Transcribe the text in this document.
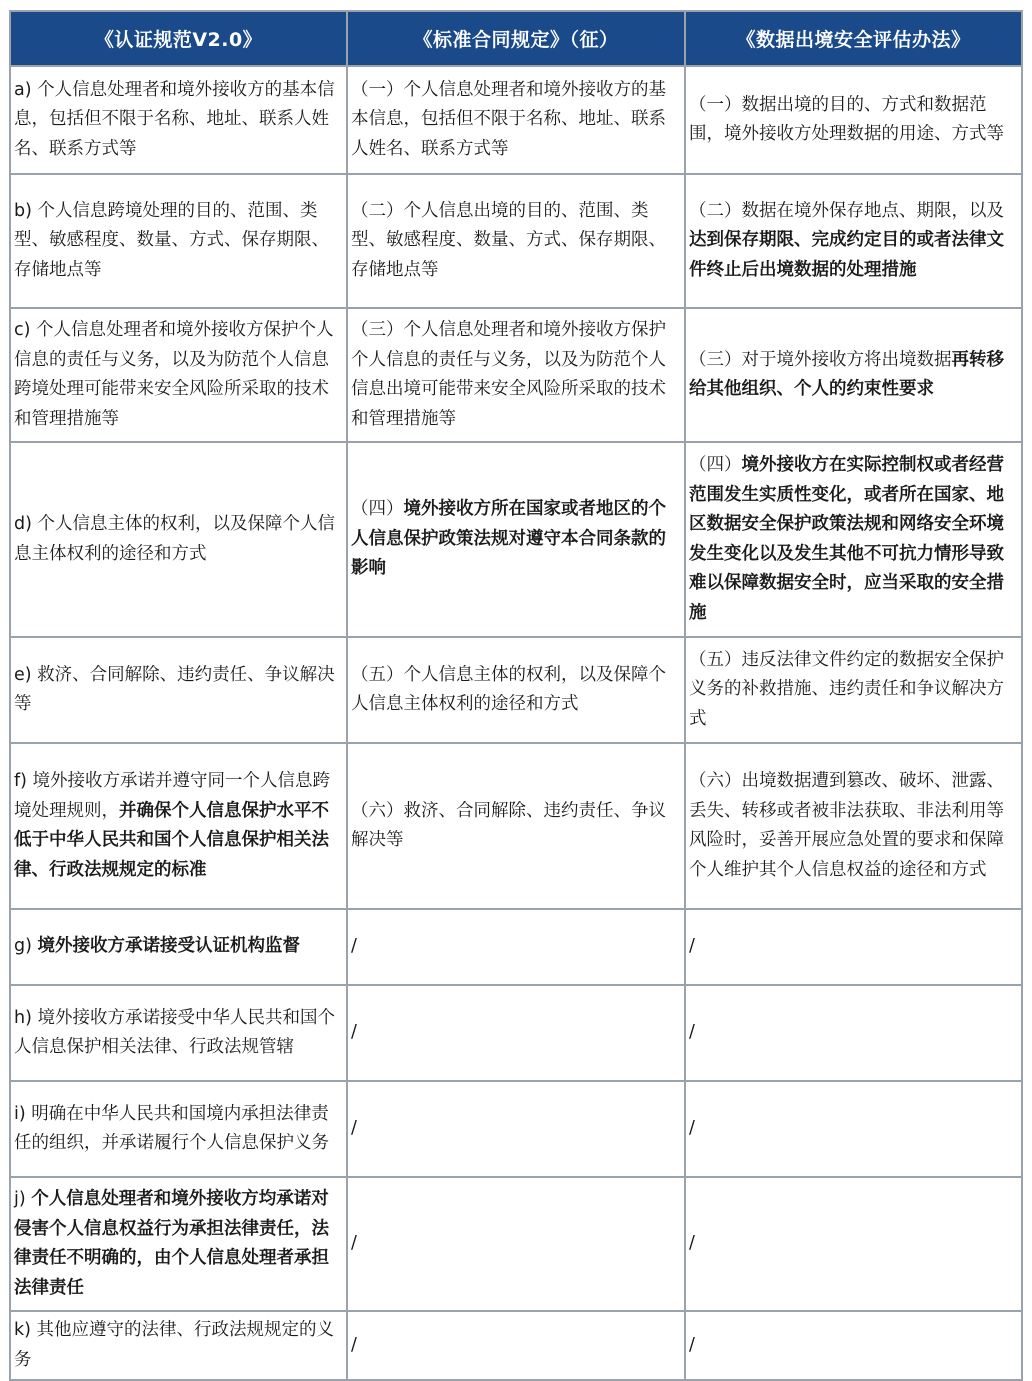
《认证规范V2.0》	《标准合同规定》（征）	《数据出境安全评估办法》
a) 个人信息处理者和境外接收方的基本信息，包括但不限于名称、地址、联系人姓名、联系方式等	（一）个人信息处理者和境外接收方的基本信息，包括但不限于名称、地址、联系人姓名、联系方式等	（一）数据出境的目的、方式和数据范围，境外接收方处理数据的用途、方式等
b) 个人信息跨境处理的目的、范围、类型、敏感程度、数量、方式、保存期限、存储地点等	（二）个人信息出境的目的、范围、类型、敏感程度、数量、方式、保存期限、存储地点等	（二）数据在境外保存地点、期限，以及达到保存期限、完成约定目的或者法律文件终止后出境数据的处理措施
c) 个人信息处理者和境外接收方保护个人信息的责任与义务，以及为防范个人信息跨境处理可能带来安全风险所采取的技术和管理措施等	（三）个人信息处理者和境外接收方保护个人信息的责任与义务，以及为防范个人信息出境可能带来安全风险所采取的技术和管理措施等	（三）对于境外接收方将出境数据再转移给其他组织、个人的约束性要求
d) 个人信息主体的权利，以及保障个人信息主体权利的途径和方式	（四）境外接收方所在国家或者地区的个人信息保护政策法规对遵守本合同条款的影响	（四）境外接收方在实际控制权或者经营范围发生实质性变化，或者所在国家、地区数据安全保护政策法规和网络安全环境发生变化以及发生其他不可抗力情形导致难以保障数据安全时，应当采取的安全措施
e) 救济、合同解除、违约责任、争议解决等	（五）个人信息主体的权利，以及保障个人信息主体权利的途径和方式	（五）违反法律文件约定的数据安全保护义务的补救措施、违约责任和争议解决方式
f) 境外接收方承诺并遵守同一个人信息跨境处理规则，并确保个人信息保护水平不低于中华人民共和国个人信息保护相关法律、行政法规规定的标准	（六）救济、合同解除、违约责任、争议解决等	（六）出境数据遭到篡改、破坏、泄露、丢失、转移或者被非法获取、非法利用等风险时，妥善开展应急处置的要求和保障个人维护其个人信息权益的途径和方式
g) 境外接收方承诺接受认证机构监督	/	/
h) 境外接收方承诺接受中华人民共和国个人信息保护相关法律、行政法规管辖	/	/
i) 明确在中华人民共和国境内承担法律责任的组织，并承诺履行个人信息保护义务	/	/
j) 个人信息处理者和境外接收方均承诺对侵害个人信息权益行为承担法律责任，法律责任不明确的，由个人信息处理者承担法律责任	/	/
k) 其他应遵守的法律、行政法规规定的义务	/	/
